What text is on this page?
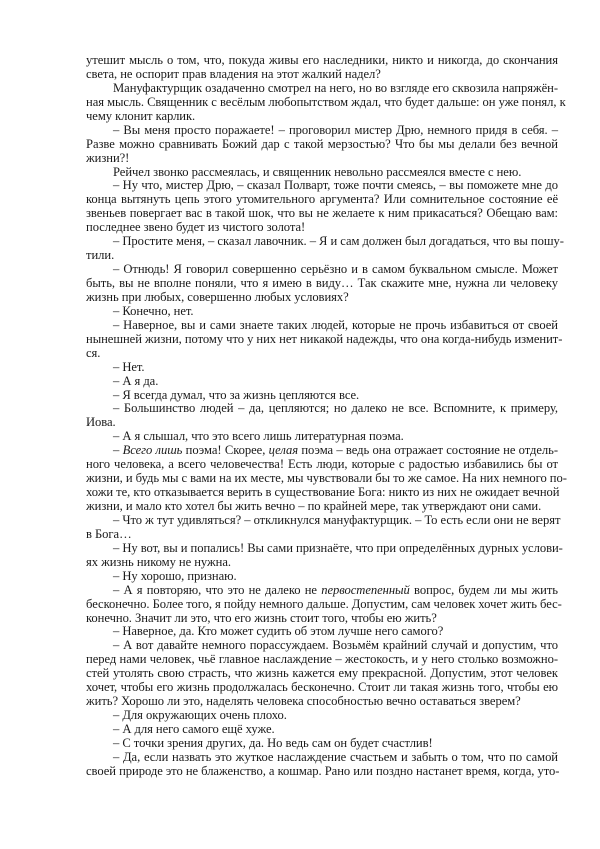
утешит мысль о том, что, покуда живы его наследники, никто и никогда, до скончания
света, не оспорит прав владения на этот жалкий надел?
Мануфактурщик озадаченно смотрел на него, но во взгляде его сквозила напряжён-
ная мысль. Священник с весёлым любопытством ждал, что будет дальше: он уже понял, к
чему клонит карлик.
– Вы меня просто поражаете! – проговорил мистер Дрю, немного придя в себя. –
Разве можно сравнивать Божий дар с такой мерзостью? Что бы мы делали без вечной
жизни?!
Рейчел звонко рассмеялась, и священник невольно рассмеялся вместе с нею.
– Ну что, мистер Дрю, – сказал Полварт, тоже почти смеясь, – вы поможете мне до
конца вытянуть цепь этого утомительного аргумента? Или сомнительное состояние её
звеньев повергает вас в такой шок, что вы не желаете к ним прикасаться? Обещаю вам:
последнее звено будет из чистого золота!
– Простите меня, – сказал лавочник. – Я и сам должен был догадаться, что вы пошу-
тили.
– Отнюдь! Я говорил совершенно серьёзно и в самом буквальном смысле. Может
быть, вы не вполне поняли, что я имею в виду… Так скажите мне, нужна ли человеку
жизнь при любых, совершенно любых условиях?
– Конечно, нет.
– Наверное, вы и сами знаете таких людей, которые не прочь избавиться от своей
нынешней жизни, потому что у них нет никакой надежды, что она когда-нибудь изменит-
ся.
– Нет.
– А я да.
– Я всегда думал, что за жизнь цепляются все.
– Большинство людей – да, цепляются; но далеко не все. Вспомните, к примеру,
Иова.
– А я слышал, что это всего лишь литературная поэма.
– Всего лишь поэма! Скорее, целая поэма – ведь она отражает состояние не отдель-
ного человека, а всего человечества! Есть люди, которые с радостью избавились бы от
жизни, и будь мы с вами на их месте, мы чувствовали бы то же самое. На них немного по-
хожи те, кто отказывается верить в существование Бога: никто из них не ожидает вечной
жизни, и мало кто хотел бы жить вечно – по крайней мере, так утверждают они сами.
– Что ж тут удивляться? – откликнулся мануфактурщик. – То есть если они не верят
в Бога…
– Ну вот, вы и попались! Вы сами признаёте, что при определённых дурных услови-
ях жизнь никому не нужна.
– Ну хорошо, признаю.
– А я повторяю, что это не далеко не первостепенный вопрос, будем ли мы жить
бесконечно. Более того, я пойду немного дальше. Допустим, сам человек хочет жить бес-
конечно. Значит ли это, что его жизнь стоит того, чтобы ею жить?
– Наверное, да. Кто может судить об этом лучше него самого?
– А вот давайте немного порассуждаем. Возьмём крайний случай и допустим, что
перед нами человек, чьё главное наслаждение – жестокость, и у него столько возможно-
стей утолять свою страсть, что жизнь кажется ему прекрасной. Допустим, этот человек
хочет, чтобы его жизнь продолжалась бесконечно. Стоит ли такая жизнь того, чтобы ею
жить? Хорошо ли это, наделять человека способностью вечно оставаться зверем?
– Для окружающих очень плохо.
– А для него самого ещё хуже.
– С точки зрения других, да. Но ведь сам он будет счастлив!
– Да, если назвать это жуткое наслаждение счастьем и забыть о том, что по самой
своей природе это не блаженство, а кошмар. Рано или поздно настанет время, когда, уто-
